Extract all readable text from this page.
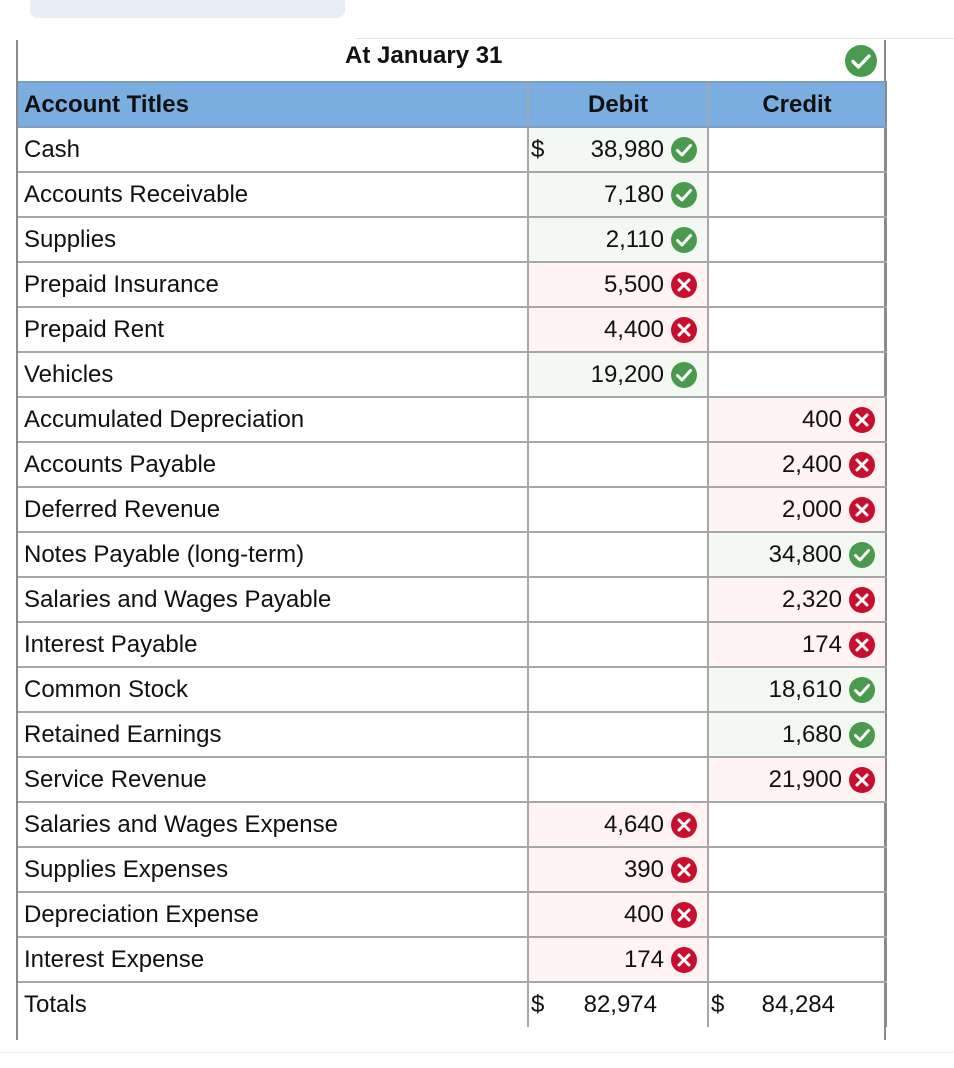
At January 31
Account Titles	Debit	Credit
Cash	$ 38,980	

Accounts Receivable	7,180	

Supplies	2,110	

Prepaid Insurance	5,500	

Prepaid Rent	4,400	

Vehicles	19,200	

Accumulated Depreciation		400

Accounts Payable		2,400

Deferred Revenue		2,000

Notes Payable (long-term)		34,800

Salaries and Wages Payable		2,320

Interest Payable		174

Common Stock		18,610

Retained Earnings		1,680

Service Revenue		21,900

Salaries and Wages Expense	4,640	

Supplies Expenses	390	

Depreciation Expense	400	

Interest Expense	174	

Totals	$ 82,974	$ 84,284
